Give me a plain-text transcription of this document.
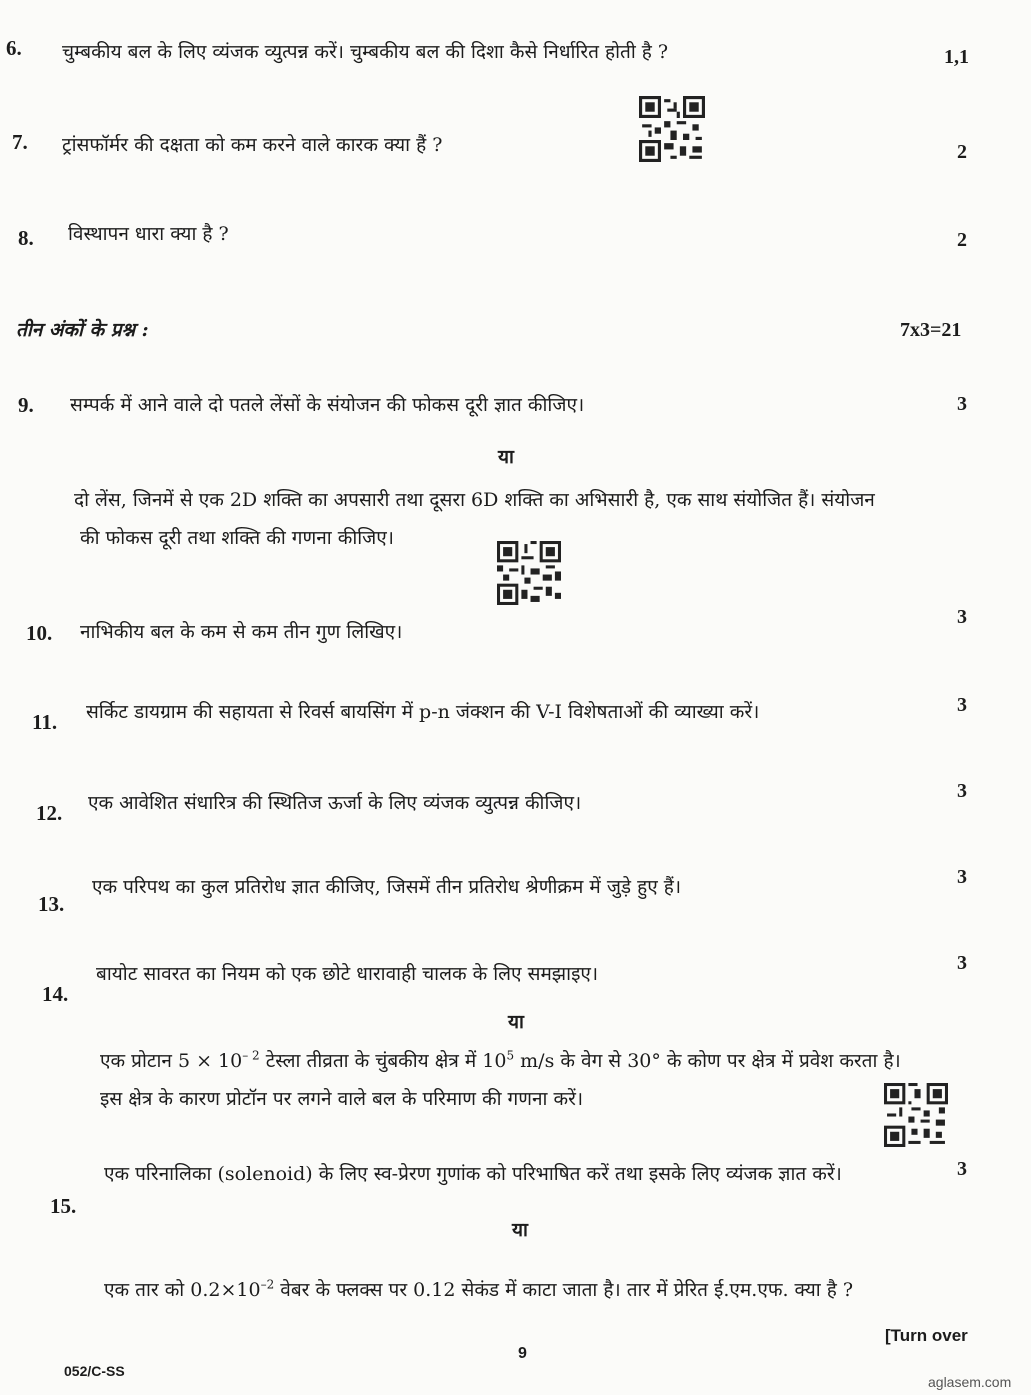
6. चुम्बकीय बल के लिए व्यंजक व्युत्पन्न करें। चुम्बकीय बल की दिशा कैसे निर्धारित होती है ?	1,1
7. ट्रांसफॉर्मर की दक्षता को कम करने वाले कारक क्या हैं ?	2
8. विस्थापन धारा क्या है ?	2
तीन अंकों के प्रश्न :	7x3=21
9. सम्पर्क में आने वाले दो पतले लेंसों के संयोजन की फोकस दूरी ज्ञात कीजिए।	3
या
दो लेंस, जिनमें से एक 2D शक्ति का अपसारी तथा दूसरा 6D शक्ति का अभिसारी है, एक साथ संयोजित हैं। संयोजन
की फोकस दूरी तथा शक्ति की गणना कीजिए।
10. नाभिकीय बल के कम से कम तीन गुण लिखिए।
3
11. सर्किट डायग्राम की सहायता से रिवर्स बायसिंग में p-n जंक्शन की V-I विशेषताओं की व्याख्या करें।	3
12. एक आवेशित संधारित्र की स्थितिज ऊर्जा के लिए व्यंजक व्युत्पन्न कीजिए।
3
13.
एक परिपथ का कुल प्रतिरोध ज्ञात कीजिए, जिसमें तीन प्रतिरोध श्रेणीक्रम में जुड़े हुए हैं।	3
14.
बायोट सावरत का नियम को एक छोटे धारावाही चालक के लिए समझाइए।	3
या
एक प्रोटान $5 \times 10^{- 2}$ टेस्ला तीव्रता के चुंबकीय क्षेत्र में $10^5$ m/s के वेग से 30° के कोण पर क्षेत्र में प्रवेश करता है।
इस क्षेत्र के कारण प्रोटॉन पर लगने वाले बल के परिमाण की गणना करें।
15.
एक परिनालिका (solenoid) के लिए स्व-प्रेरण गुणांक को परिभाषित करें तथा इसके लिए व्यंजक ज्ञात करें।	3
या
एक तार को $0.2\times 10^{-2}$ वेबर के फ्लक्स पर 0.12 सेकंड में काटा जाता है। तार में प्रेरित ई.एम.एफ. क्या है ?
[Turn over
9
052/C-SS
aglasem.com
